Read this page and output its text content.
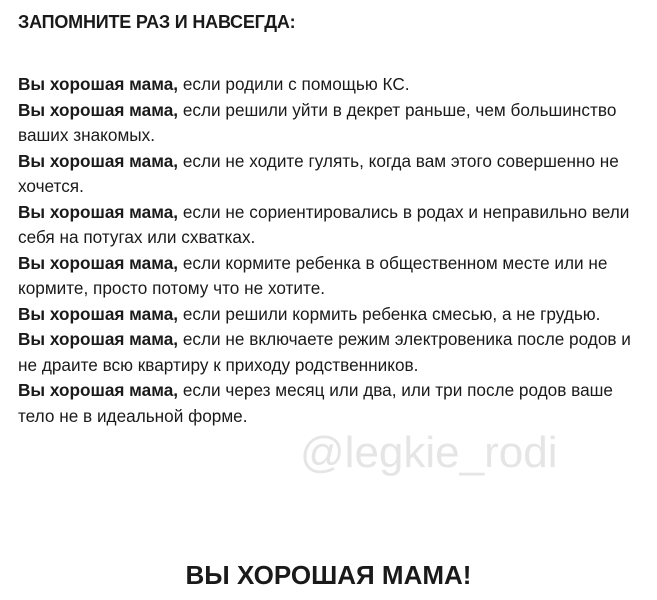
ЗАПОМНИТЕ РАЗ И НАВСЕГДА:

Вы хорошая мама, если родили с помощью КС.

Вы хорошая мама, если решили уйти в декрет раньше, чем большинство ваших знакомых.

Вы хорошая мама, если не ходите гулять, когда вам этого совершенно не хочется.

Вы хорошая мама, если не сориентировались в родах и неправильно вели себя на потугах или схватках.

Вы хорошая мама, если кормите ребенка в общественном месте или не кормите, просто потому что не хотите.

Вы хорошая мама, если решили кормить ребенка смесью, а не грудью.

Вы хорошая мама, если не включаете режим электровеника после родов и не драите всю квартиру к приходу родственников.

Вы хорошая мама, если через месяц или два, или три после родов ваше тело не в идеальной форме.

@legkie_rodi
ВЫ ХОРОШАЯ МАМА!
